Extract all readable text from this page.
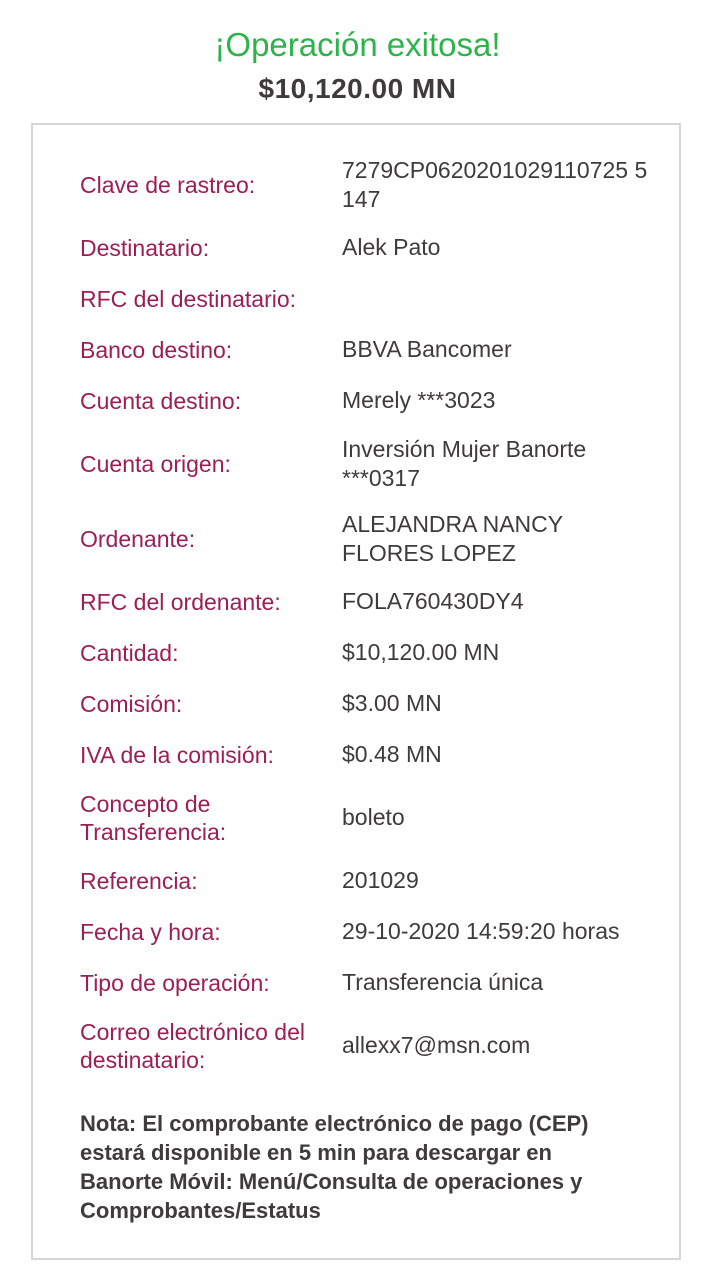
¡Operación exitosa!
$10,120.00 MN
Clave de rastreo:
7279CP0620201029110725 5147
Destinatario:	Alek Pato
RFC del destinatario:
Banco destino:	BBVA Bancomer
Cuenta destino:	Merely ***3023
Cuenta origen:
Inversión Mujer Banorte ***0317
Ordenante:
ALEJANDRA NANCY FLORES LOPEZ
RFC del ordenante:	FOLA760430DY4
Cantidad:	$10,120.00 MN
Comisión:	$3.00 MN
IVA de la comisión:	$0.48 MN
Concepto de Transferencia:
boleto
Referencia:	201029
Fecha y hora:	29-10-2020 14:59:20 horas
Tipo de operación:	Transferencia única
Correo electrónico del destinatario:
allexx7@msn.com
Nota: El comprobante electrónico de pago (CEP) estará disponible en 5 min para descargar en Banorte Móvil: Menú/Consulta de operaciones y Comprobantes/Estatus
